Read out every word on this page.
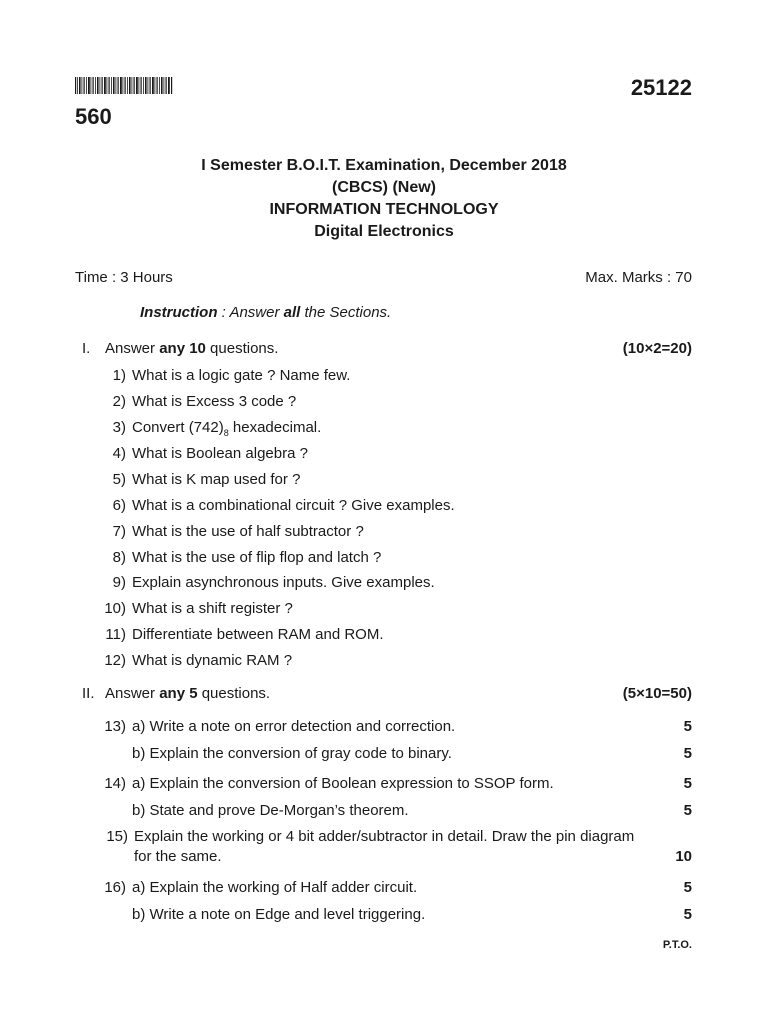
560
25122
I Semester B.O.I.T. Examination, December 2018
(CBCS) (New)
INFORMATION TECHNOLOGY
Digital Electronics
Time : 3 Hours	Max. Marks : 70
Instruction : Answer all the Sections.
I. Answer any 10 questions.	(10×2=20)
1) What is a logic gate ? Name few.
2) What is Excess 3 code ?
3) Convert $(742)_8$ hexadecimal.
4) What is Boolean algebra ?
5) What is K map used for ?
6) What is a combinational circuit ? Give examples.
7) What is the use of half subtractor ?
8) What is the use of flip flop and latch ?
9) Explain asynchronous inputs. Give examples.
10) What is a shift register ?
11) Differentiate between RAM and ROM.
12) What is dynamic RAM ?
II. Answer any 5 questions.	(5×10=50)
13) a) Write a note on error detection and correction.	5
b) Explain the conversion of gray code to binary.	5
14) a) Explain the conversion of Boolean expression to SSOP form.	5
b) State and prove De-Morgan’s theorem.	5
15) Explain the working or 4 bit adder/subtractor in detail. Draw the pin diagram
for the same.	10
16) a) Explain the working of Half adder circuit.	5
b) Write a note on Edge and level triggering.	5
P.T.O.
